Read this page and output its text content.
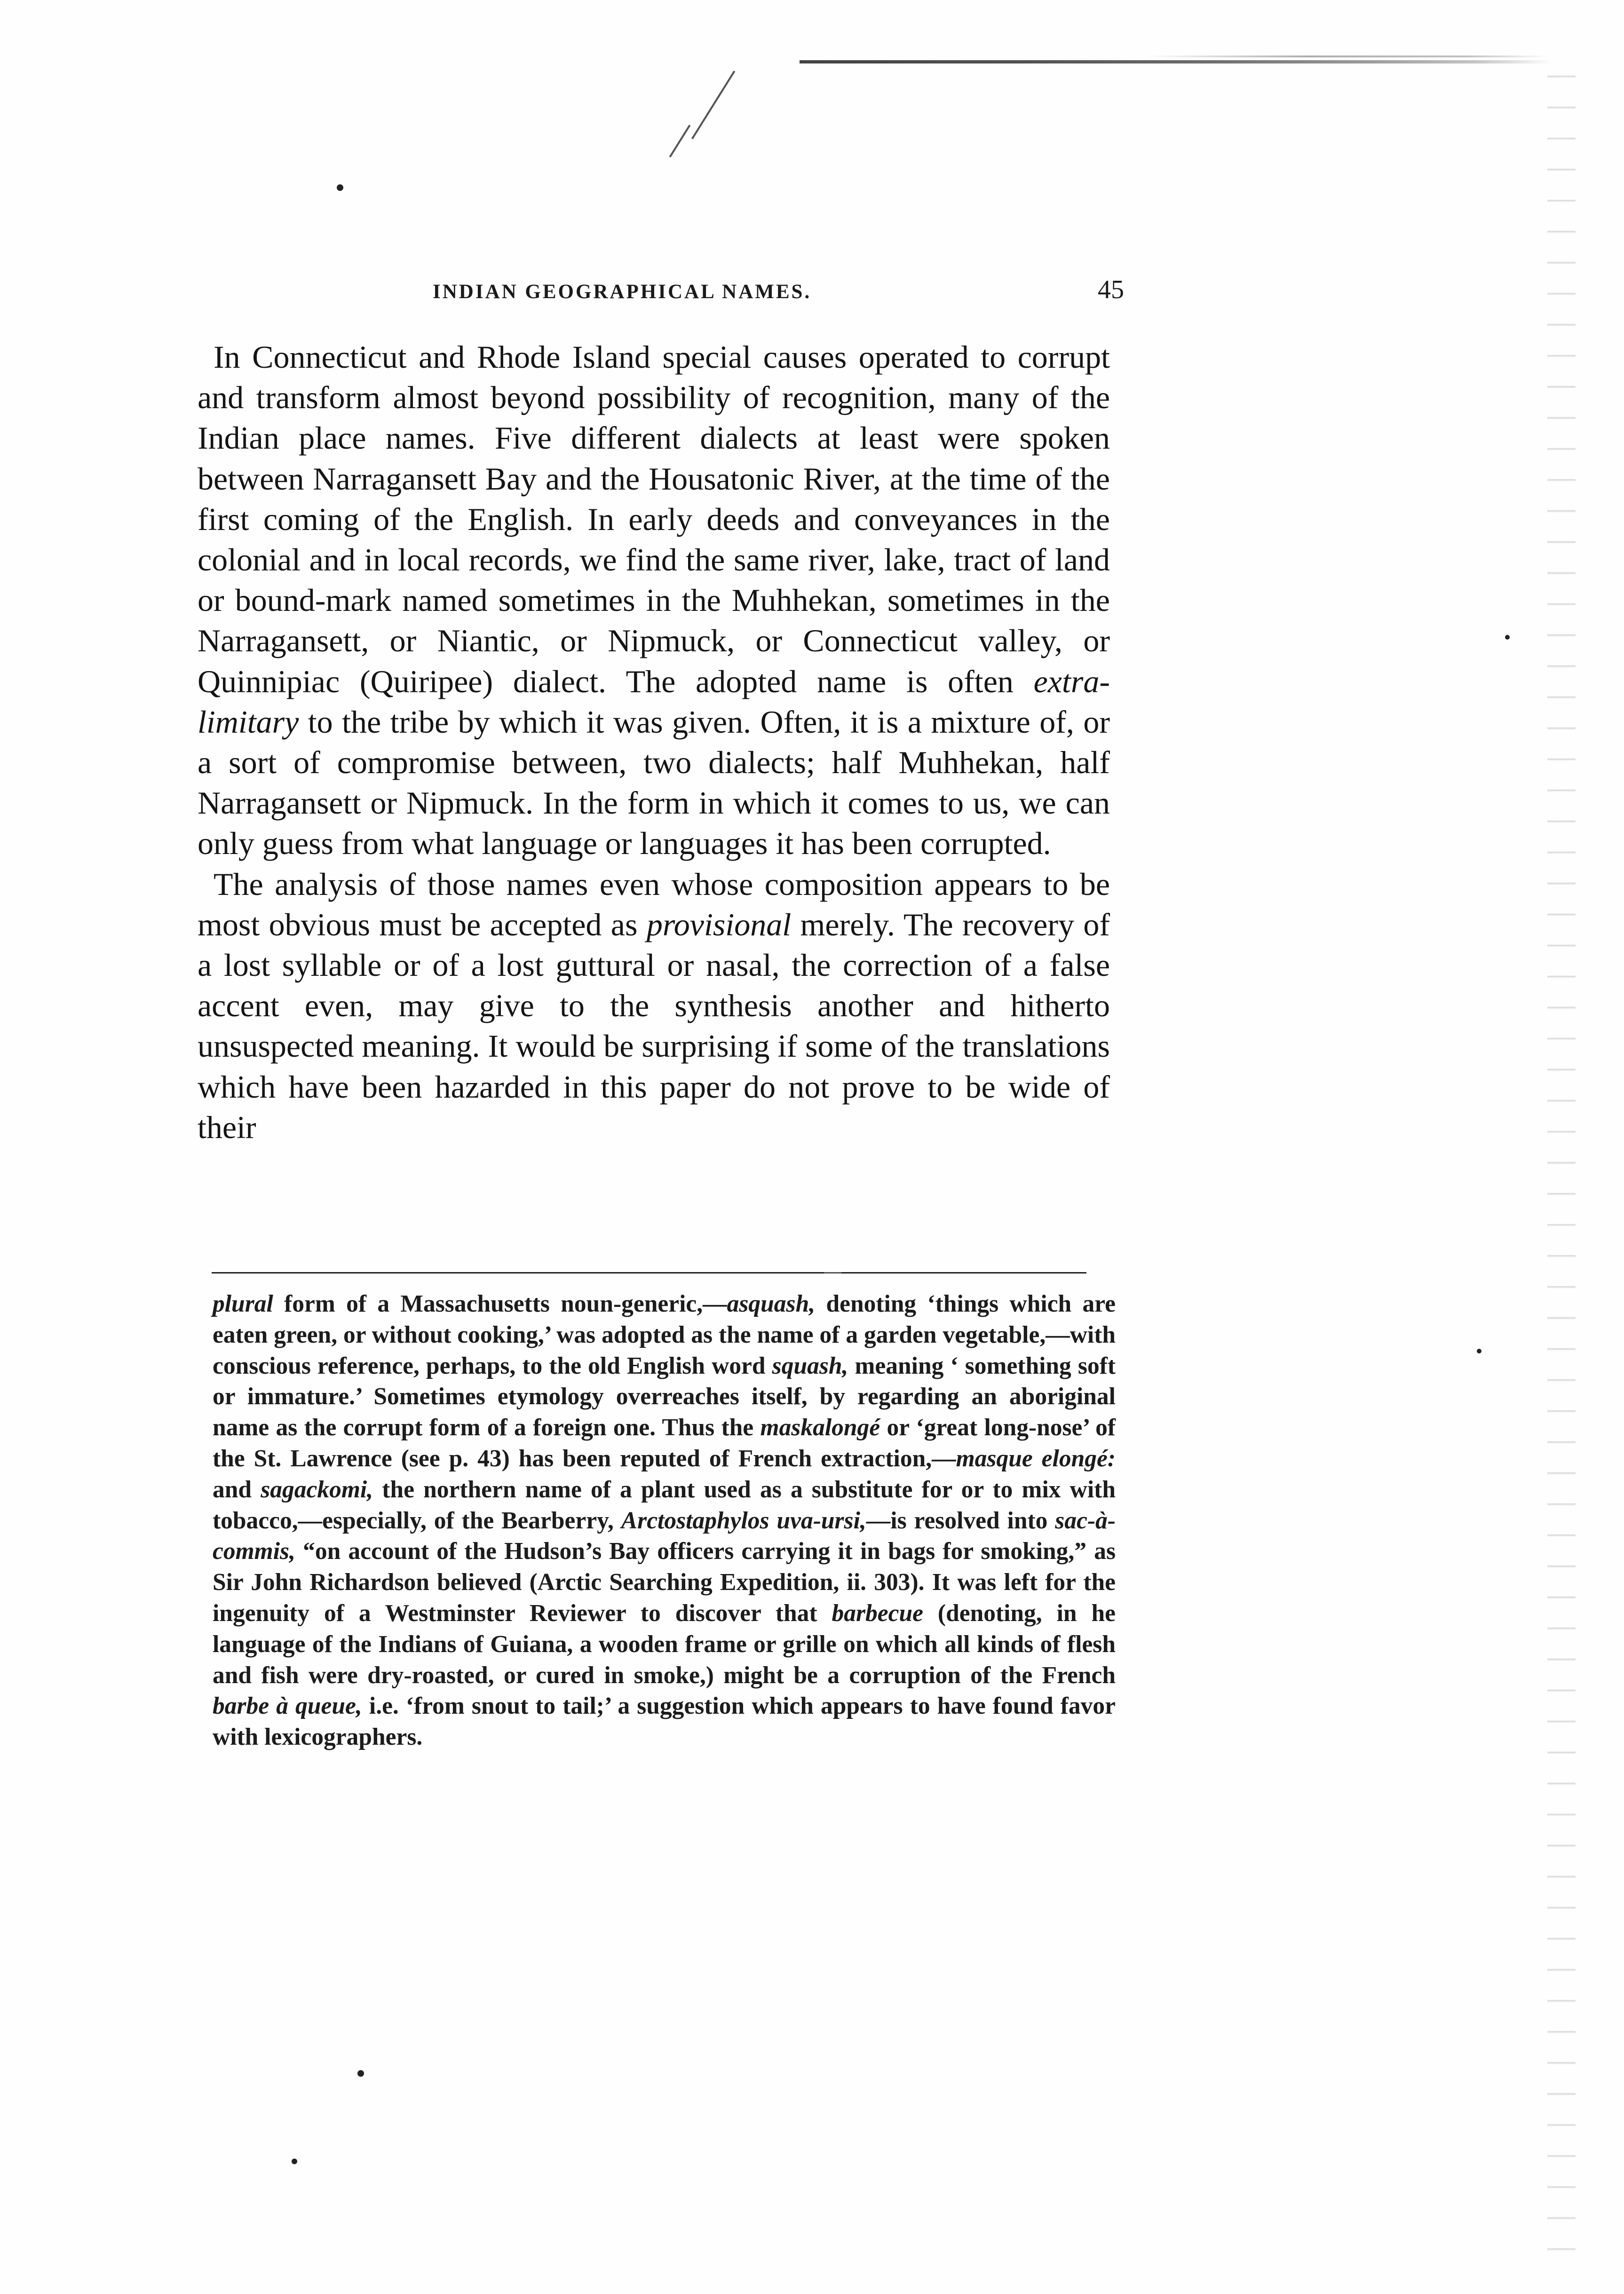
INDIAN GEOGRAPHICAL NAMES.	45

In Connecticut and Rhode Island special causes operated to corrupt and transform almost beyond possibility of recognition, many of the Indian place names. Five different dialects at least were spoken between Narragansett Bay and the Housatonic River, at the time of the first coming of the English. In early deeds and conveyances in the colonial and in local records, we find the same river, lake, tract of land or bound-mark named sometimes in the Muhhekan, sometimes in the Narragansett, or Niantic, or Nipmuck, or Connecticut valley, or Quinnipiac (Quiripee) dialect. The adopted name is often extra-limitary to the tribe by which it was given. Often, it is a mixture of, or a sort of compromise between, two dialects; half Muhhekan, half Narragansett or Nipmuck. In the form in which it comes to us, we can only guess from what language or languages it has been corrupted.

The analysis of those names even whose composition appears to be most obvious must be accepted as provisional merely. The recovery of a lost syllable or of a lost guttural or nasal, the correction of a false accent even, may give to the synthesis another and hitherto unsuspected meaning. It would be surprising if some of the translations which have been hazarded in this paper do not prove to be wide of their

plural form of a Massachusetts noun-generic,—asquash, denoting ‘things which are eaten green, or without cooking,’ was adopted as the name of a garden vegetable,—with conscious reference, perhaps, to the old English word squash, meaning ‘ something soft or immature.’ Sometimes etymology overreaches itself, by regarding an aboriginal name as the corrupt form of a foreign one. Thus the maskalongé or ‘great long-nose’ of the St. Lawrence (see p. 43) has been reputed of French extraction,—masque elongé: and sagackomi, the northern name of a plant used as a substitute for or to mix with tobacco,—especially, of the Bearberry, Arctostaphylos uva-ursi,—is resolved into sac-à-commis, “on account of the Hudson’s Bay officers carrying it in bags for smoking,” as Sir John Richardson believed (Arctic Searching Expedition, ii. 303). It was left for the ingenuity of a Westminster Reviewer to discover that barbecue (denoting, in he language of the Indians of Guiana, a wooden frame or grille on which all kinds of flesh and fish were dry-roasted, or cured in smoke,) might be a corruption of the French barbe à queue, i.e. ‘from snout to tail;’ a suggestion which appears to have found favor with lexicographers.
